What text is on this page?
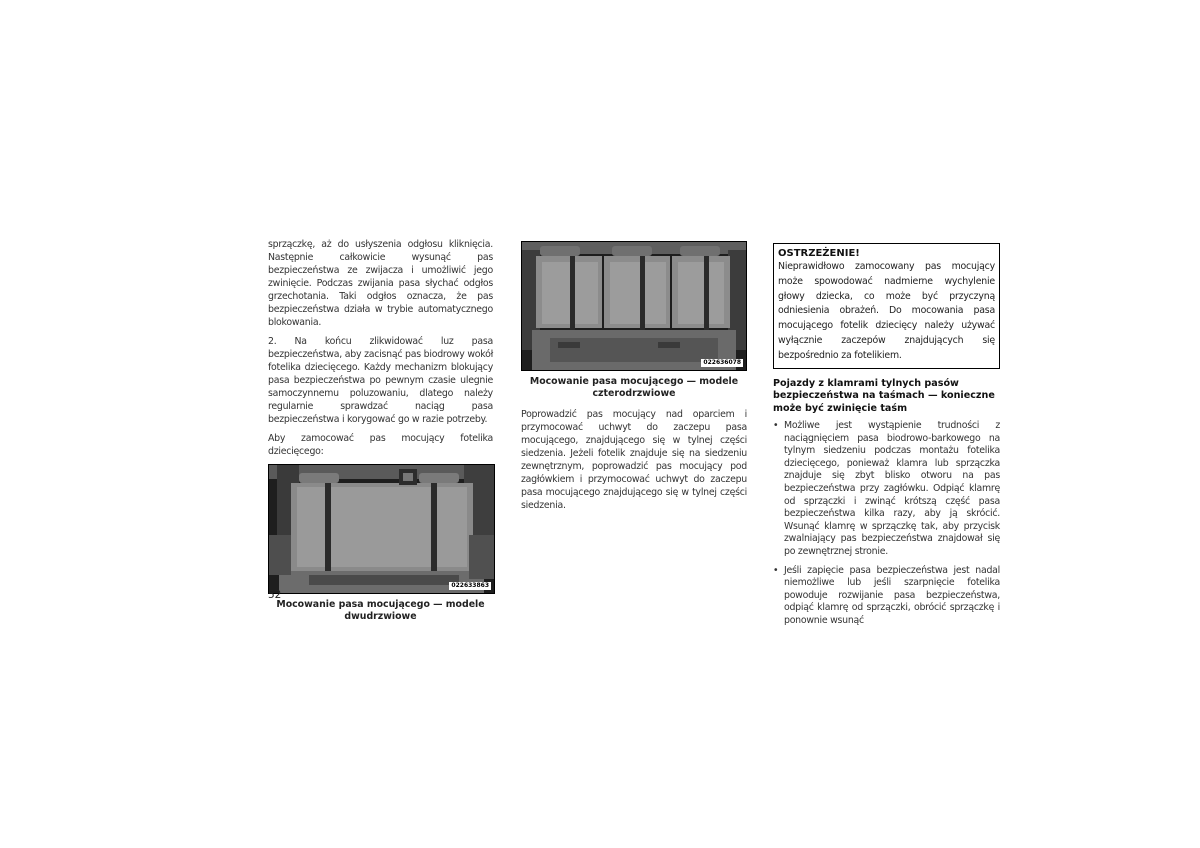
sprzączkę, aż do usłyszenia odgłosu kliknięcia. Następnie całkowicie wysunąć pas bezpieczeństwa ze zwijacza i umożliwić jego zwinięcie. Podczas zwijania pasa słychać odgłos grzechotania. Taki odgłos oznacza, że pas bezpieczeństwa działa w trybie automatycznego blokowania.

2. Na końcu zlikwidować luz pasa bezpieczeństwa, aby zacisnąć pas biodrowy wokół fotelika dziecięcego. Każdy mechanizm blokujący pasa bezpieczeństwa po pewnym czasie ulegnie samoczynnemu poluzowaniu, dlatego należy regularnie sprawdzać naciąg pasa bezpieczeństwa i korygować go w razie potrzeby.

Aby zamocować pas mocujący fotelika dziecięcego:

022633863
Mocowanie pasa mocującego — modele dwudrzwiowe
022636078
Mocowanie pasa mocującego — modele czterodrzwiowe

Poprowadzić pas mocujący nad oparciem i przymocować uchwyt do zaczepu pasa mocującego, znajdującego się w tylnej części siedzenia. Jeżeli fotelik znajduje się na siedzeniu zewnętrznym, poprowadzić pas mocujący pod zagłówkiem i przymocować uchwyt do zaczepu pasa mocującego znajdującego się w tylnej części siedzenia.

OSTRZEŻENIE!
Nieprawidłowo zamocowany pas mocujący może spowodować nadmierne wychylenie głowy dziecka, co może być przyczyną odniesienia obrażeń. Do mocowania pasa mocującego fotelik dziecięcy należy używać wyłącznie zaczepów znajdujących się bezpośrednio za fotelikiem.
Pojazdy z klamrami tylnych pasów bezpieczeństwa na taśmach — konieczne może być zwinięcie taśm
• Możliwe jest wystąpienie trudności z naciągnięciem pasa biodrowo-barkowego na tylnym siedzeniu podczas montażu fotelika dziecięcego, ponieważ klamra lub sprzączka znajduje się zbyt blisko otworu na pas bezpieczeństwa przy zagłówku. Odpiąć klamrę od sprzączki i zwinąć krótszą część pasa bezpieczeństwa kilka razy, aby ją skrócić. Wsunąć klamrę w sprzączkę tak, aby przycisk zwalniający pas bezpieczeństwa znajdował się po zewnętrznej stronie.
• Jeśli zapięcie pasa bezpieczeństwa jest nadal niemożliwe lub jeśli szarpnięcie fotelika powoduje rozwijanie pasa bezpieczeństwa, odpiąć klamrę od sprzączki, obrócić sprzączkę i ponownie wsunąć
52
